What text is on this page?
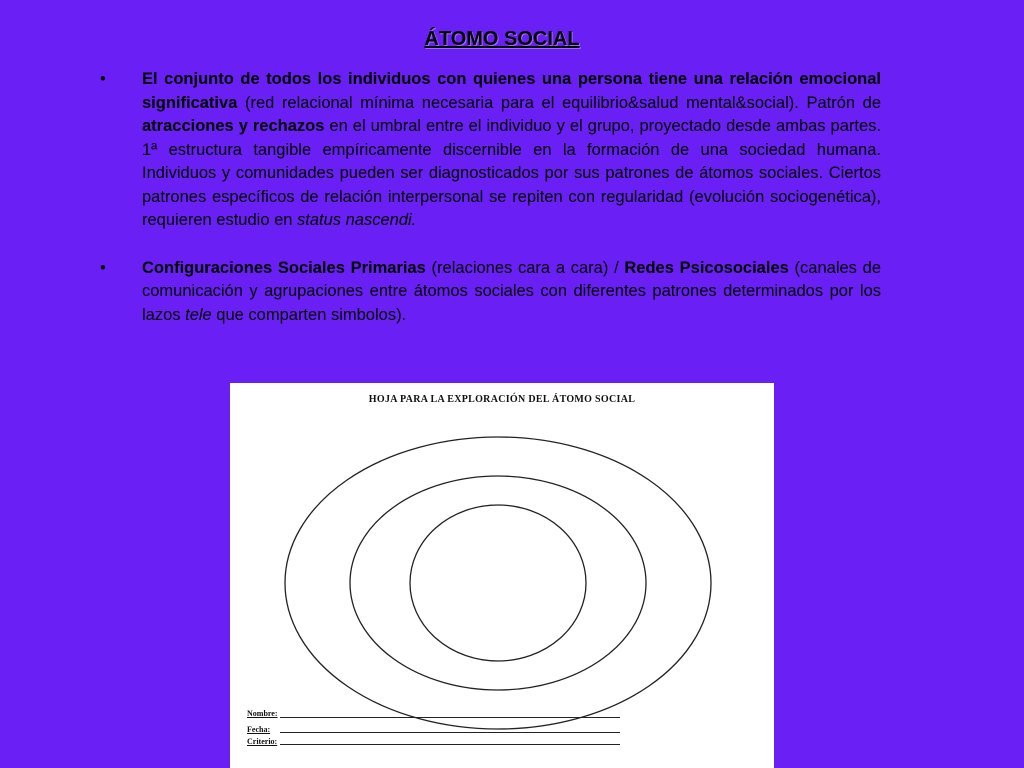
ÁTOMO SOCIAL
• El conjunto de todos los individuos con quienes una persona tiene una relación emocional significativa (red relacional mínima necesaria para el equilibrio&salud mental&social). Patrón de atracciones y rechazos en el umbral entre el individuo y el grupo, proyectado desde ambas partes. 1ª estructura tangible empíricamente discernible en la formación de una sociedad humana. Individuos y comunidades pueden ser diagnosticados por sus patrones de átomos sociales. Ciertos patrones específicos de relación interpersonal se repiten con regularidad (evolución sociogenética), requieren estudio en status nascendi.
• Configuraciones Sociales Primarias (relaciones cara a cara) / Redes Psicosociales (canales de comunicación y agrupaciones entre átomos sociales con diferentes patrones determinados por los lazos tele que comparten simbolos).
HOJA PARA LA EXPLORACIÓN DEL ÁTOMO SOCIAL
Nombre:
Fecha:
Criterio:
